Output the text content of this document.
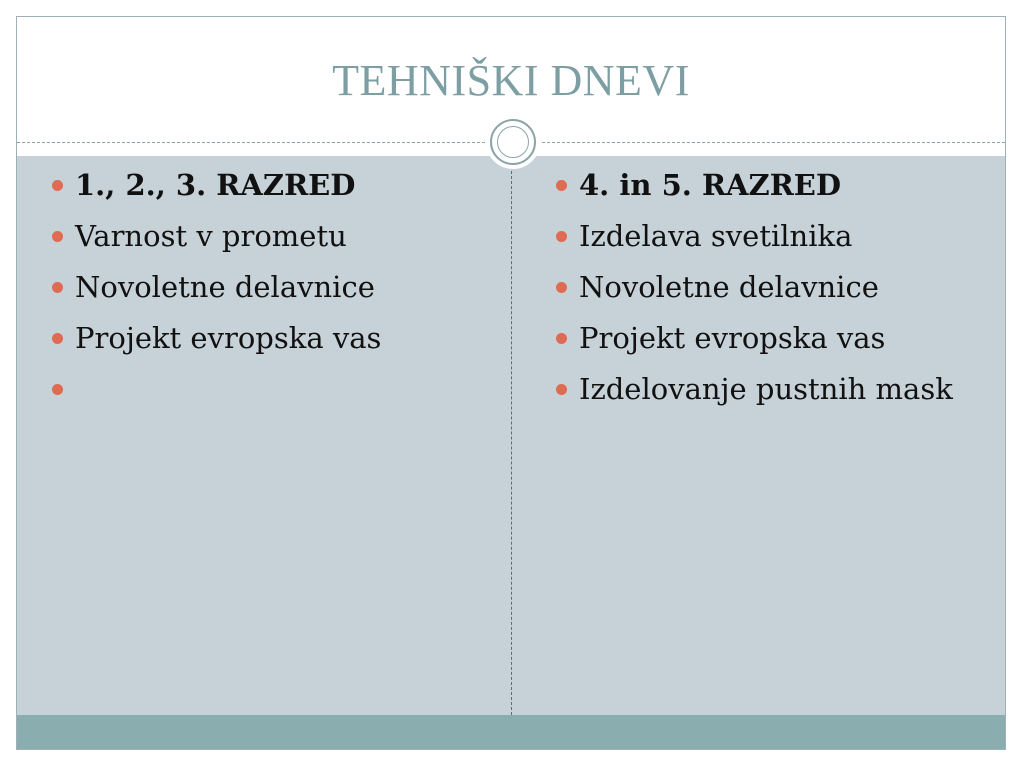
TEHNIŠKI DNEVI
1., 2., 3. RAZRED
Varnost v prometu
Novoletne delavnice
Projekt evropska vas
4. in 5. RAZRED
Izdelava svetilnika
Novoletne delavnice
Projekt evropska vas
Izdelovanje pustnih mask
